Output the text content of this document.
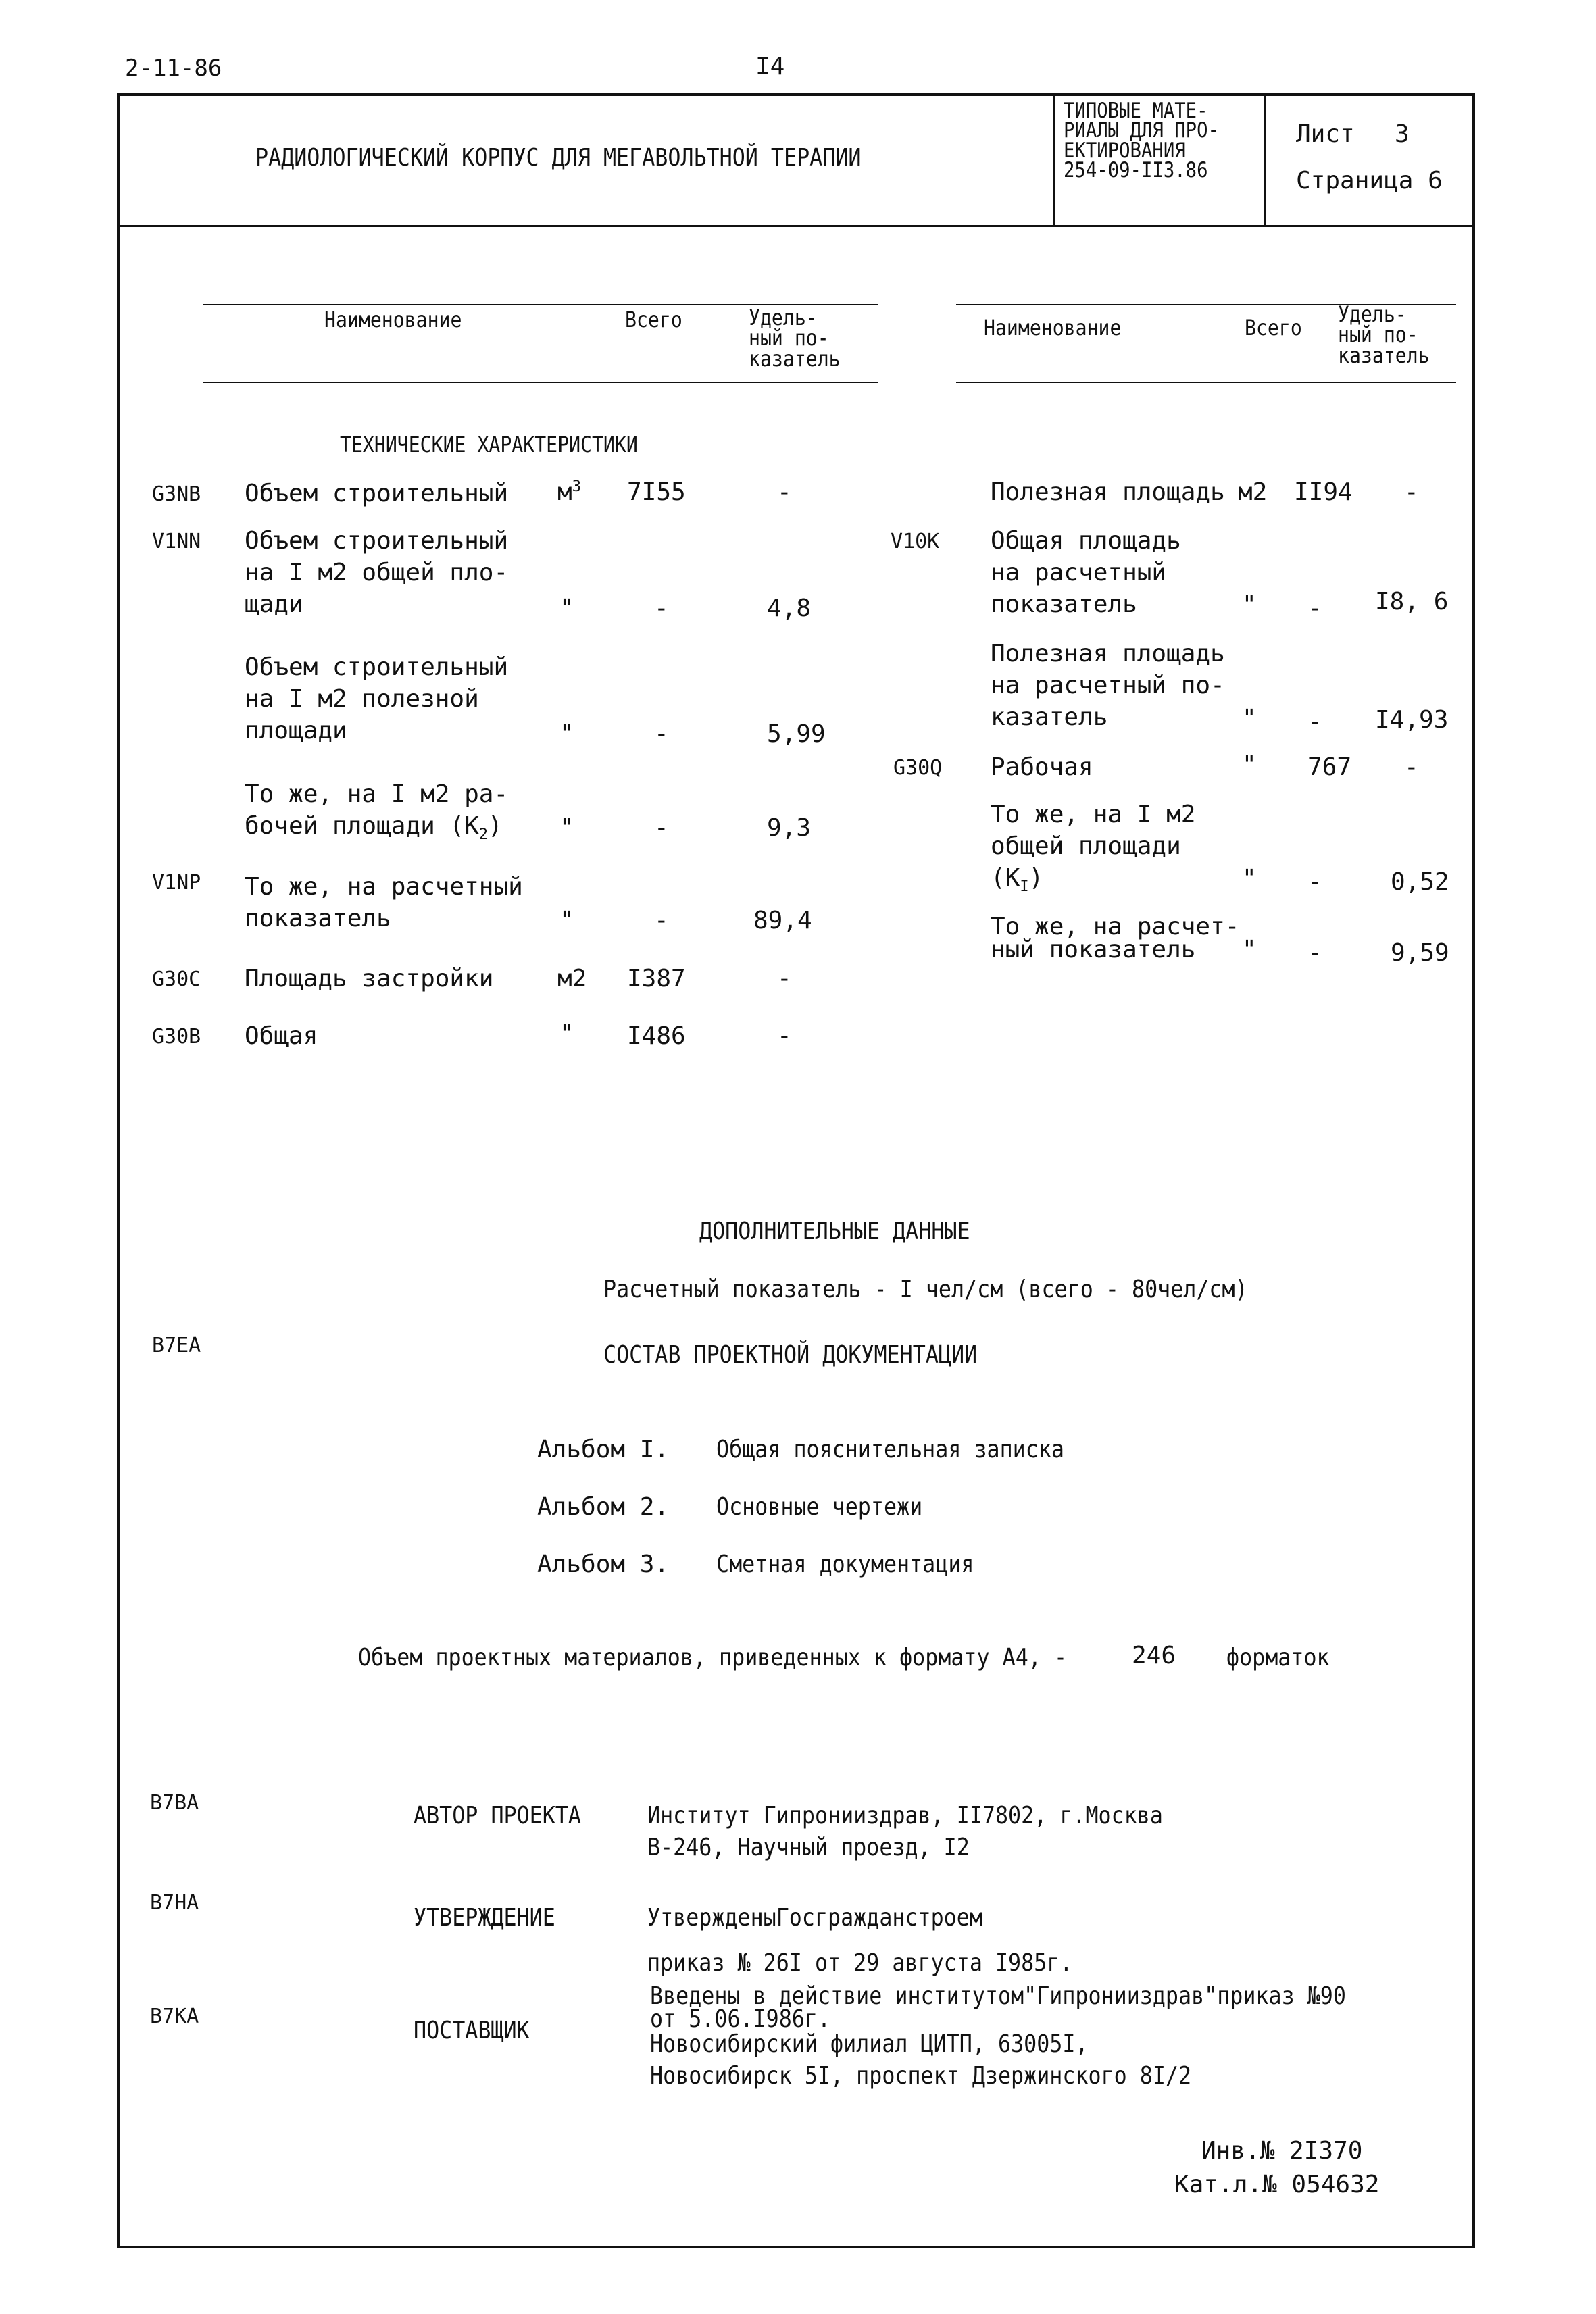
2-11-86	I4
РАДИОЛОГИЧЕСКИЙ КОРПУС ДЛЯ МЕГАВОЛЬТНОЙ ТЕРАПИИ
ТИПОВЫЕ МАТЕ-
РИАЛЫ ДЛЯ ПРО-
ЕКТИРОВАНИЯ
254-09-II3.86
Лист 3
Страница 6
Наименование	Всего	Удель-
ный по-
казатель
Наименование	Всего
Удель-
ный по-
казатель
ТЕХНИЧЕСКИЕ ХАРАКТЕРИСТИКИ
G3NB Объем строительный $м^3$ 7I55	-
V1NN Объем строительный
на I м2 общей пло-
щади	"	-	4,8
Объем строительный
на I м2 полезной
площади	"	-	5,99
То же, на I м2 ра-
бочей площади $(К_2)$ "	-	9,3
V1NP То же, на расчетный
показатель	"	-	89,4
G30C Площадь застройки	м2 I387	-
G30B Общая	" I486	-
Полезная площадь м2 II94 -
V10K Общая площадь
на расчетный
показатель	" - I8, 6
Полезная площадь
на расчетный по-
казатель	" - I4,93
G30Q Рабочая	" 767 -
То же, на I м2
общей площади
$(К_I)$	" -	0,52
То же, на расчет-
ный показатель	" -	9,59
ДОПОЛНИТЕЛЬНЫЕ ДАННЫЕ
Расчетный показатель - I чел/см (всего - 80чел/см)
B7EA	СОСТАВ ПРОЕКТНОЙ ДОКУМЕНТАЦИИ
Альбом I. Общая пояснительная записка
Альбом 2. Основные чертежи
Альбом 3. Сметная документация
Объем проектных материалов, приведенных к формату А4, -	246 форматок
B7BA	АВТОР ПРОЕКТА	Институт Гипронииздрав, II7802, г.Москва
В-246, Научный проезд, I2
B7HA
УТВЕРЖДЕНИЕ	УтвержденыГосгражданстроем
приказ № 26I от 29 августа I985г.
Введены в действие институтом"Гипронииздрав"приказ №90
от 5.06.I986г.
B7KA
ПОСТАВЩИК	Новосибирский филиал ЦИТП, 63005I,
Новосибирск 5I, проспект Дзержинского 8I/2
Инв.№ 2I370
Кат.л.№ 054632
